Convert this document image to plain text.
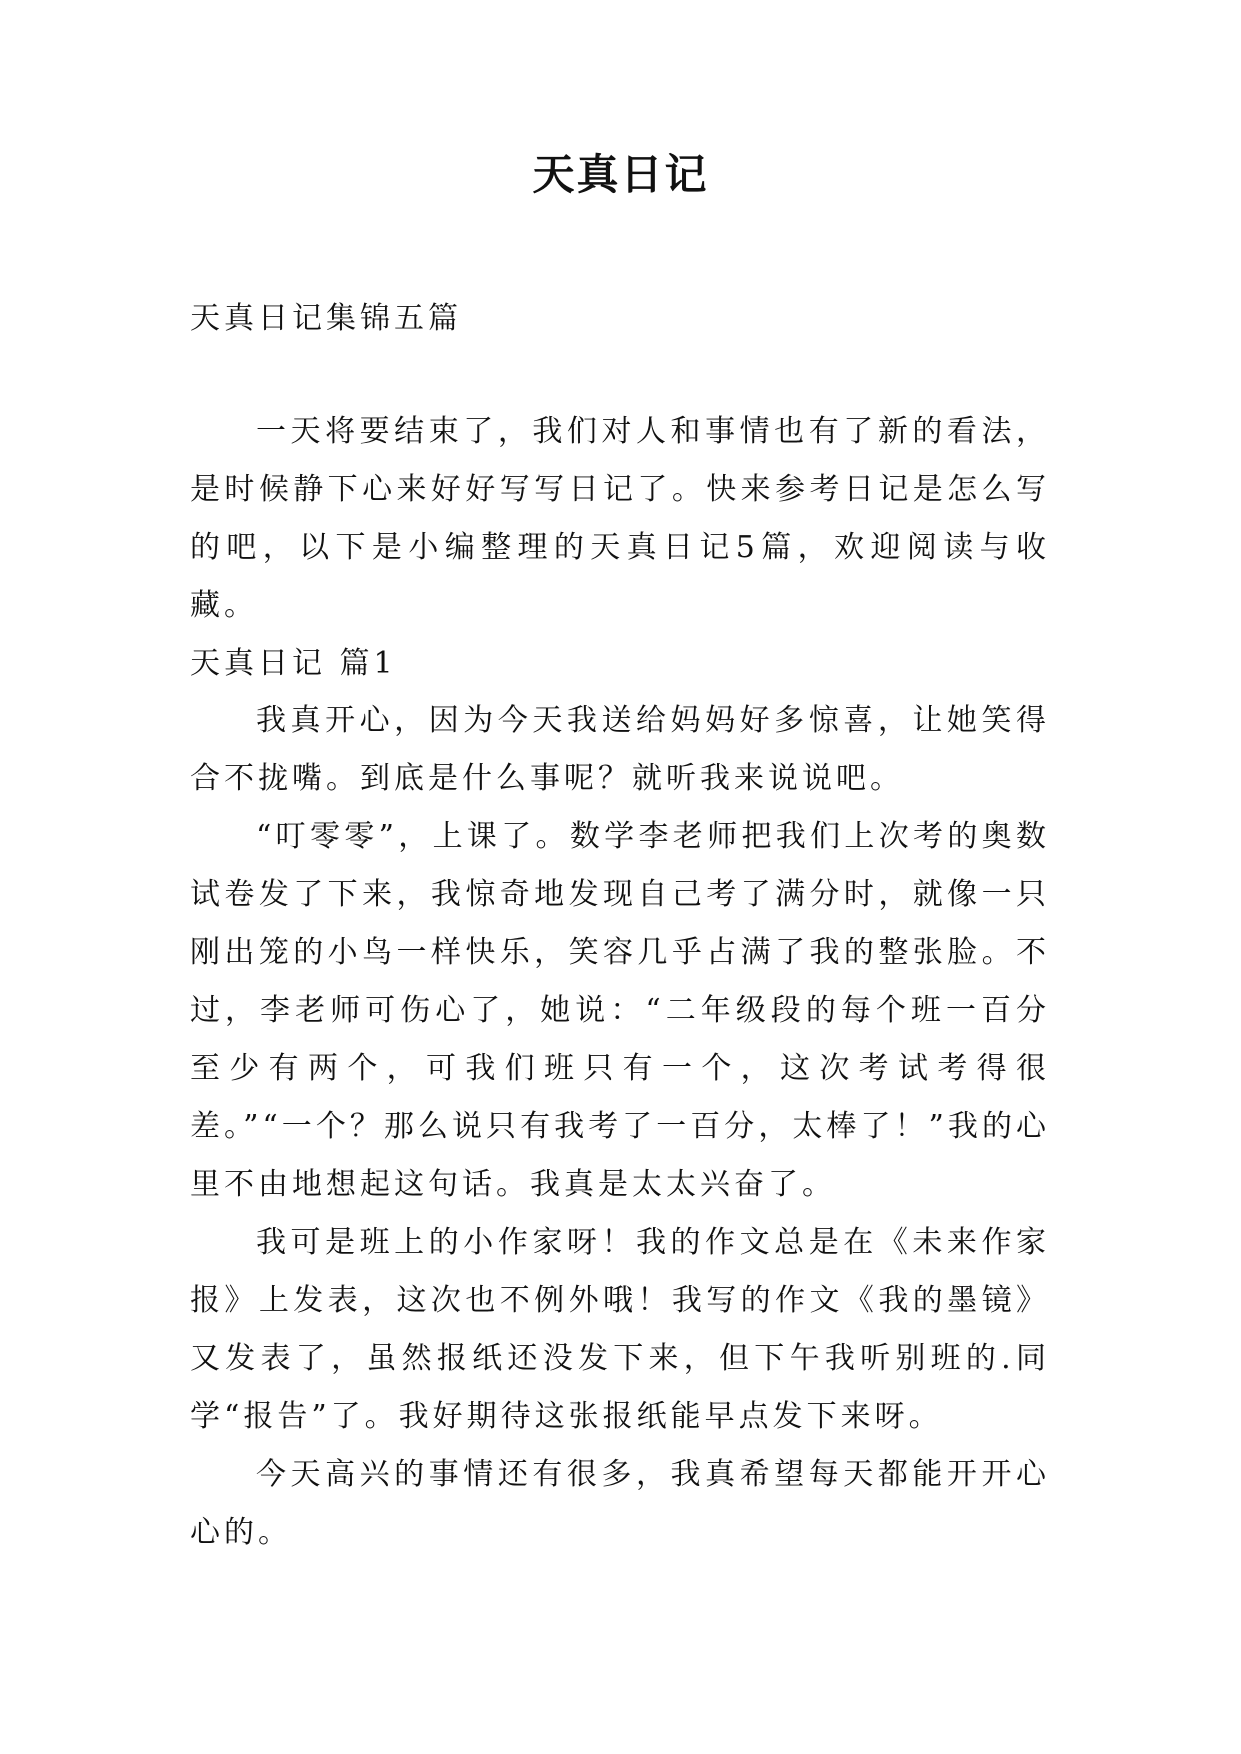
天真日记

天真日记集锦五篇

一天将要结束了，我们对人和事情也有了新的看法，是时候静下心来好好写写日记了。快来参考日记是怎么写的吧，以下是小编整理的天真日记5篇，欢迎阅读与收藏。

天真日记 篇1

我真开心，因为今天我送给妈妈好多惊喜，让她笑得合不拢嘴。到底是什么事呢？就听我来说说吧。

“叮零零”，上课了。数学李老师把我们上次考的奥数试卷发了下来，我惊奇地发现自己考了满分时，就像一只刚出笼的小鸟一样快乐，笑容几乎占满了我的整张脸。不过，李老师可伤心了，她说：“二年级段的每个班一百分至少有两个，可我们班只有一个，这次考试考得很差。”“一个？那么说只有我考了一百分，太棒了！”我的心里不由地想起这句话。我真是太太兴奋了。

我可是班上的小作家呀！我的作文总是在《未来作家报》上发表，这次也不例外哦！我写的作文《我的墨镜》又发表了，虽然报纸还没发下来，但下午我听别班的.同学“报告”了。我好期待这张报纸能早点发下来呀。

今天高兴的事情还有很多，我真希望每天都能开开心心的。
